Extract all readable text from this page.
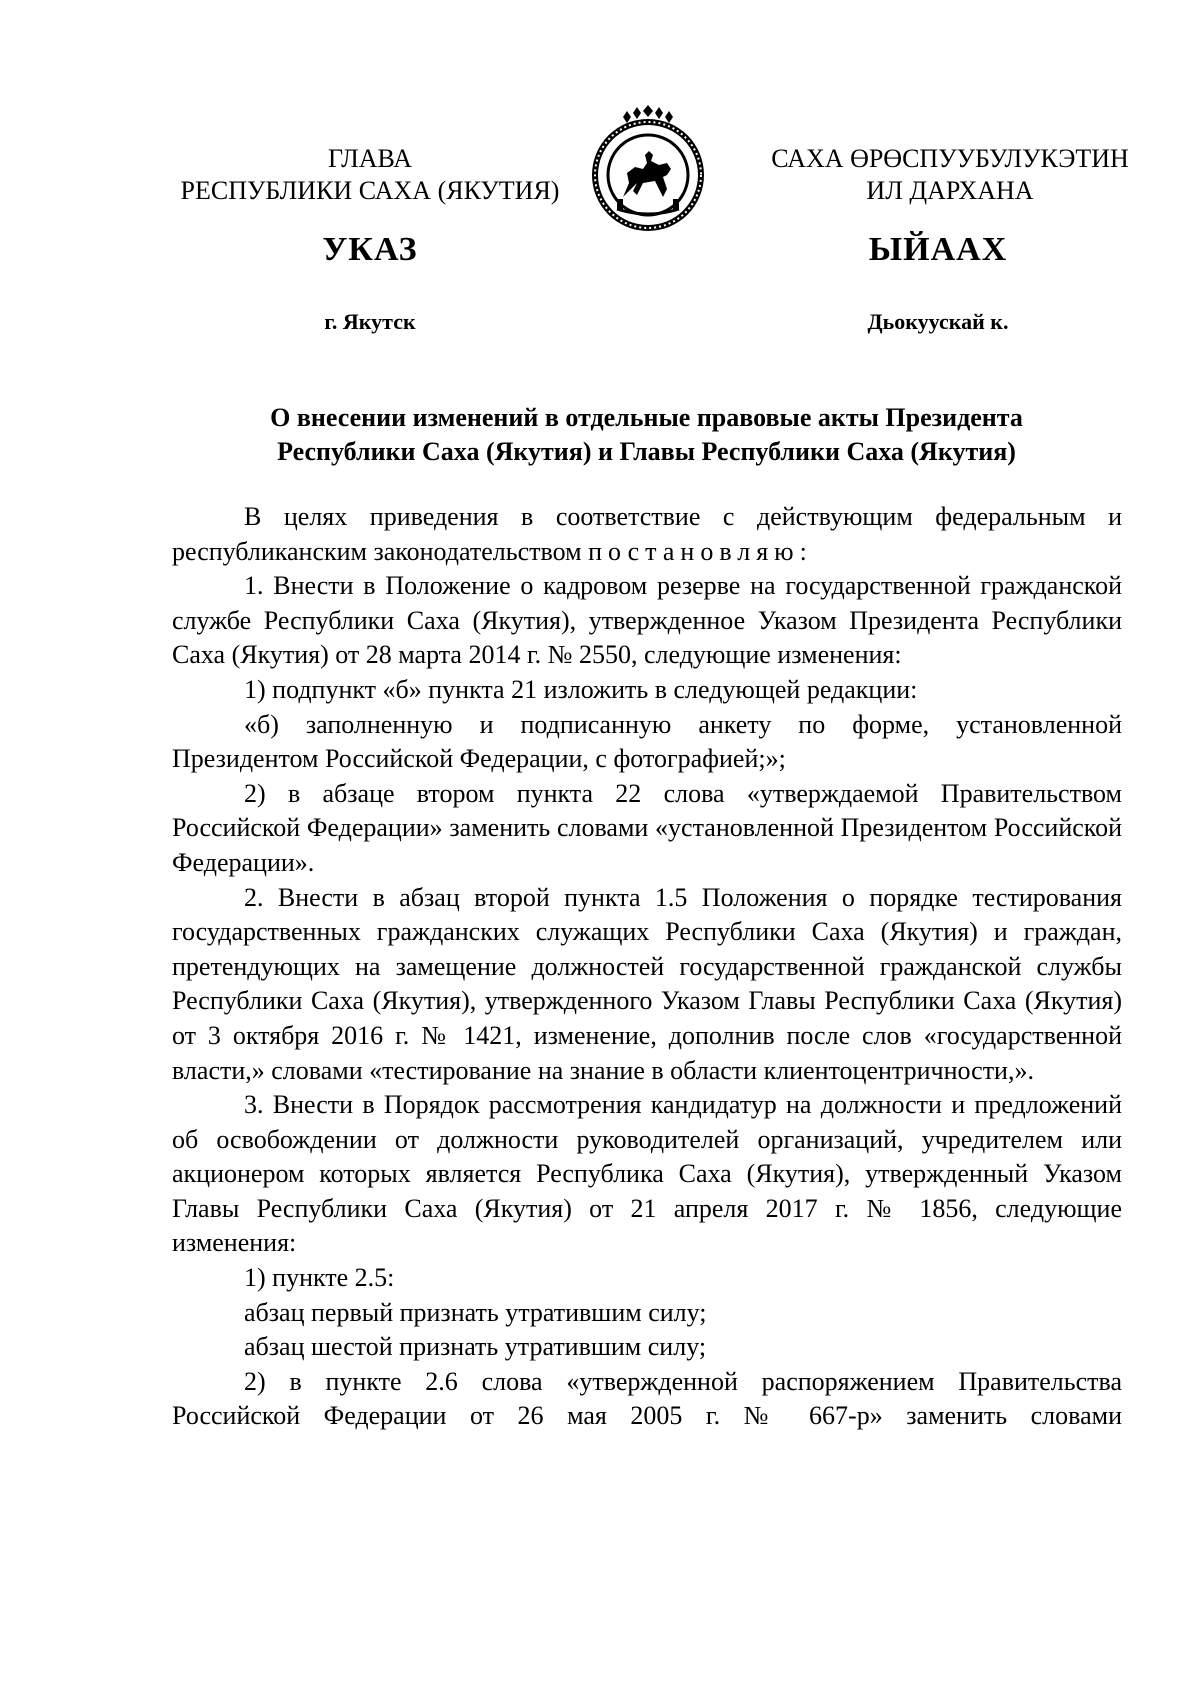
ГЛАВА
РЕСПУБЛИКИ САХА (ЯКУТИЯ)
САХА ӨРӨСПУУБУЛУКЭТИН
ИЛ ДАРХАНА
УКАЗ	ЫЙААХ
г. Якутск	Дьокуускай к.
О внесении изменений в отдельные правовые акты Президента
Республики Саха (Якутия) и Главы Республики Саха (Якутия)

В целях приведения в соответствие с действующим федеральным и республиканским законодательством постановляю:

1. Внести в Положение о кадровом резерве на государственной гражданской службе Республики Саха (Якутия), утвержденное Указом Президента Республики Саха (Якутия) от 28 марта 2014 г. № 2550, следующие изменения:

1) подпункт «б» пункта 21 изложить в следующей редакции:

«б) заполненную и подписанную анкету по форме, установленной Президентом Российской Федерации, с фотографией;»;

2) в абзаце втором пункта 22 слова «утверждаемой Правительством Российской Федерации» заменить словами «установленной Президентом Российской Федерации».

2. Внести в абзац второй пункта 1.5 Положения о порядке тестирования государственных гражданских служащих Республики Саха (Якутия) и граждан, претендующих на замещение должностей государственной гражданской службы Республики Саха (Якутия), утвержденного Указом Главы Республики Саха (Якутия) от 3 октября 2016 г. № 1421, изменение, дополнив после слов «государственной власти,» словами «тестирование на знание в области клиентоцентричности,».

3. Внести в Порядок рассмотрения кандидатур на должности и предложений об освобождении от должности руководителей организаций, учредителем или акционером которых является Республика Саха (Якутия), утвержденный Указом Главы Республики Саха (Якутия) от 21 апреля 2017 г. № 1856, следующие изменения:

1) пункте 2.5:

абзац первый признать утратившим силу;

абзац шестой признать утратившим силу;

2) в пункте 2.6 слова «утвержденной распоряжением Правительства Российской Федерации от 26 мая 2005 г. № 667-р» заменить словами
